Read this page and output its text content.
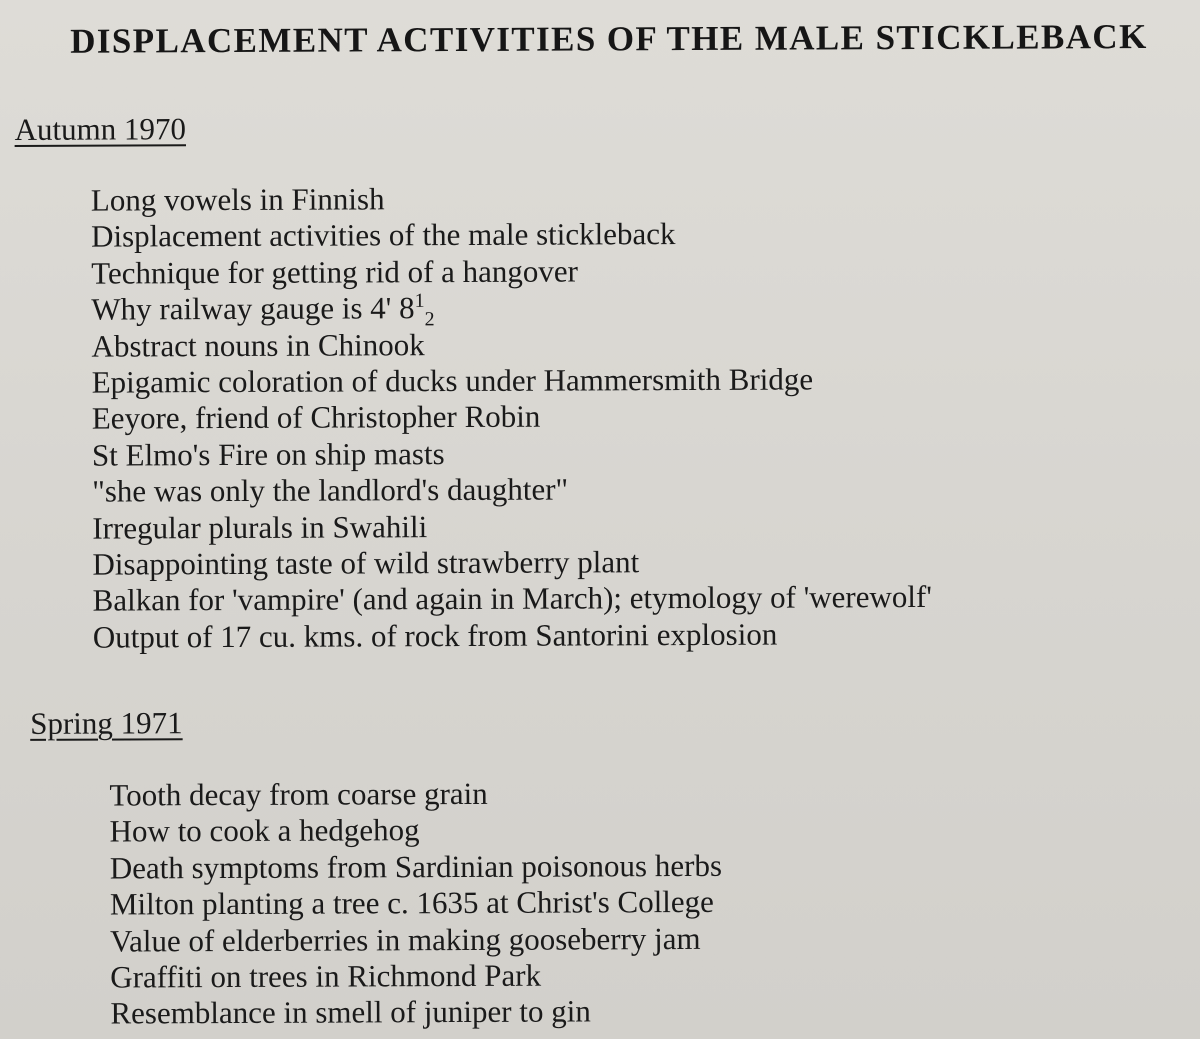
DISPLACEMENT ACTIVITIES OF THE MALE STICKLEBACK
Autumn 1970
Long vowels in Finnish
Displacement activities of the male stickleback
Technique for getting rid of a hangover
Why railway gauge is 4' $8^1_2$
Abstract nouns in Chinook
Epigamic coloration of ducks under Hammersmith Bridge
Eeyore, friend of Christopher Robin
St Elmo's Fire on ship masts
"she was only the landlord's daughter"
Irregular plurals in Swahili
Disappointing taste of wild strawberry plant
Balkan for 'vampire' (and again in March); etymology of 'werewolf'
Output of 17 cu. kms. of rock from Santorini explosion
Spring 1971
Tooth decay from coarse grain
How to cook a hedgehog
Death symptoms from Sardinian poisonous herbs
Milton planting a tree c. 1635 at Christ's College
Value of elderberries in making gooseberry jam
Graffiti on trees in Richmond Park
Resemblance in smell of juniper to gin
